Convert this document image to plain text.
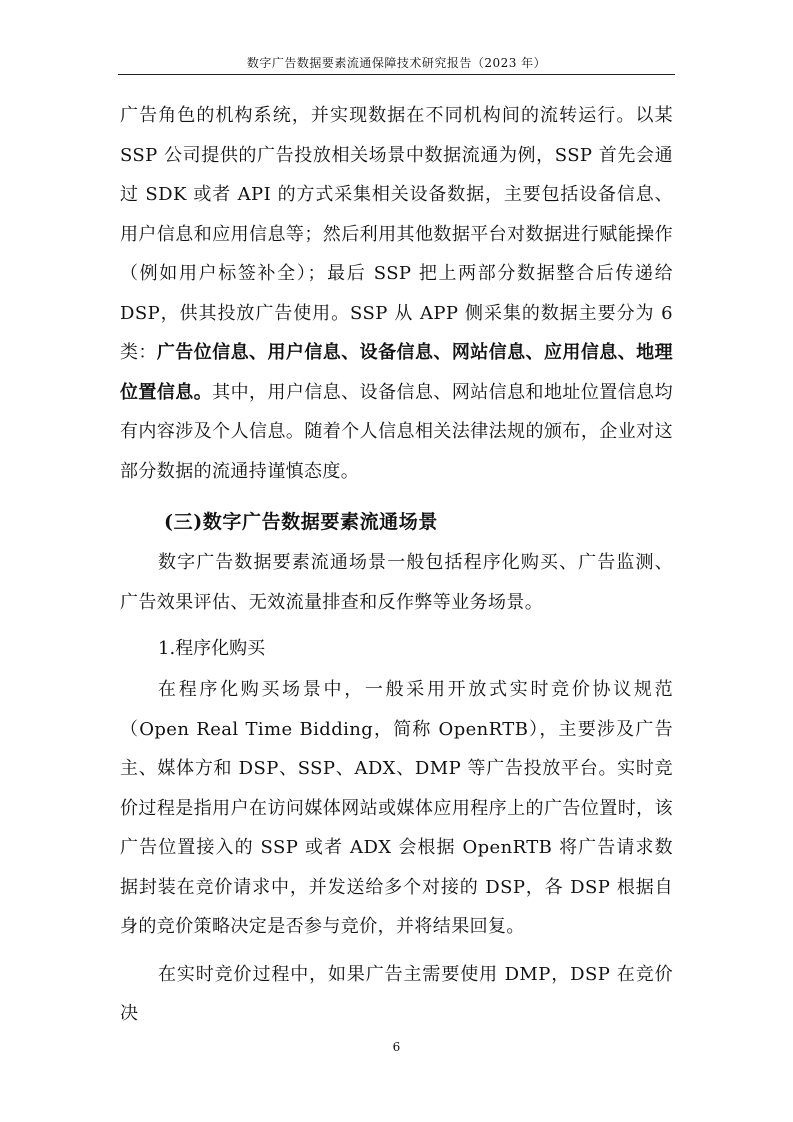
数字广告数据要素流通保障技术研究报告（2023 年）

广告角色的机构系统，并实现数据在不同机构间的流转运行。以某 SSP 公司提供的广告投放相关场景中数据流通为例，SSP 首先会通过 SDK 或者 API 的方式采集相关设备数据，主要包括设备信息、用户信息和应用信息等；然后利用其他数据平台对数据进行赋能操作（例如用户标签补全）；最后 SSP 把上两部分数据整合后传递给 DSP，供其投放广告使用。SSP 从 APP 侧采集的数据主要分为 6 类：广告位信息、用户信息、设备信息、网站信息、应用信息、地理位置信息。其中，用户信息、设备信息、网站信息和地址位置信息均有内容涉及个人信息。随着个人信息相关法律法规的颁布，企业对这部分数据的流通持谨慎态度。

(三)数字广告数据要素流通场景

数字广告数据要素流通场景一般包括程序化购买、广告监测、广告效果评估、无效流量排查和反作弊等业务场景。

1.程序化购买

在程序化购买场景中，一般采用开放式实时竞价协议规范（Open Real Time Bidding，简称 OpenRTB），主要涉及广告主、媒体方和 DSP、SSP、ADX、DMP 等广告投放平台。实时竞价过程是指用户在访问媒体网站或媒体应用程序上的广告位置时，该广告位置接入的 SSP 或者 ADX 会根据 OpenRTB 将广告请求数据封装在竞价请求中，并发送给多个对接的 DSP，各 DSP 根据自身的竞价策略决定是否参与竞价，并将结果回复。

在实时竞价过程中，如果广告主需要使用 DMP，DSP 在竞价决

6
